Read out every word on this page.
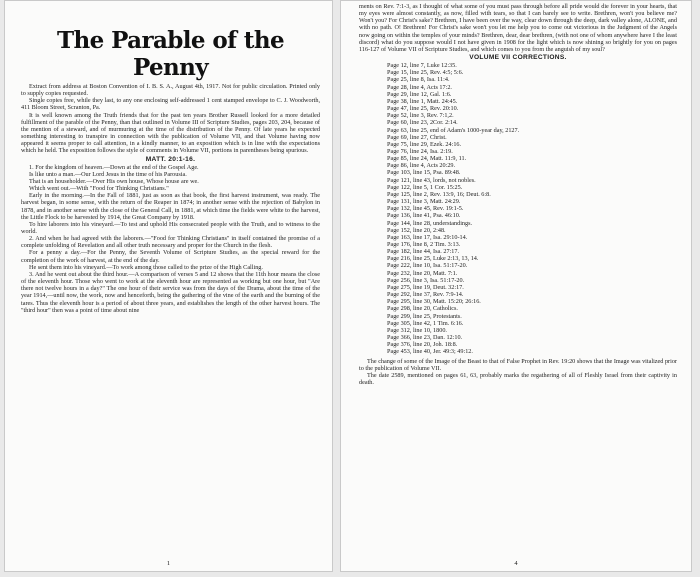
The Parable of the Penny

Extract from address at Boston Convention of I. B. S. A., August 4th, 1917. Not for public circulation. Printed only to supply copies requested.

Single copies free, while they last, to any one enclosing self-addressed 1 cent stamped envelope to C. J. Woodworth, 411 Bloom Street, Scranton, Pa.

It is well known among the Truth friends that for the past ten years Brother Russell looked for a more detailed fulfillment of the parable of the Penny, than that outlined in Volume III of Scripture Studies, pages 203, 204, because of the mention of a steward, and of murmuring at the time of the distribution of the Penny. Of late years he expected something interesting to transpire in connection with the publication of Volume VII, and that Volume having now appeared it seems proper to call attention, in a kindly manner, to an exposition which is in line with the expectations which he held. The exposition follows the style of comments in Volume VII, portions in parentheses being spurious.

MATT. 20:1-16.

1. For the kingdom of heaven.—Down at the end of the Gospel Age.

Is like unto a man.—Our Lord Jesus in the time of his Parousia.

That is an householder.—Over His own house, Whose house are we.

Which went out.—With "Food for Thinking Christians."

Early in the morning.—In the Fall of 1881, just as soon as that book, the first harvest instrument, was ready. The harvest began, in some sense, with the return of the Reaper in 1874; in another sense with the rejection of Babylon in 1878, and in another sense with the close of the General Call, in 1881, at which time the fields were white to the harvest, the Little Flock to be harvested by 1914, the Great Company by 1918.

To hire laborers into his vineyard.—To test and uphold His consecrated people with the Truth, and to witness to the world.

2. And when he had agreed with the laborers.—"Food for Thinking Christians" in itself contained the promise of a complete unfolding of Revelation and all other truth necessary and proper for the Church in the flesh.

For a penny a day.—For the Penny, the Seventh Volume of Scripture Studies, as the special reward for the completion of the work of harvest, at the end of the day.

He sent them into his vineyard.—To work among those called to the prize of the High Calling.

3. And he went out about the third hour.—A comparison of verses 5 and 12 shows that the 11th hour means the close of the eleventh hour. Those who went to work at the eleventh hour are represented as working but one hour, but "Are there not twelve hours in a day?" The one hour of their service was from the days of the Drama, about the time of the year 1914,—until now, the work, now and henceforth, being the gathering of the vine of the earth and the burning of the tares. Thus the eleventh hour is a period of about three years, and establishes the length of the other harvest hours. The "third hour" then was a point of time about nine

1

ments on Rev. 7:1-3, as I thought of what some of you must pass through before all pride would die forever in your hearts, that my eyes were almost constantly, as now, filled with tears, so that I can barely see to write. Brethren, won't you believe me? Won't you? For Christ's sake? Brethren, I have been over the way, clear down through the deep, dark valley alone, ALONE, and with no path. O! Brethren! For Christ's sake won't you let me help you to come out victorious in the Judgment of the Angels now going on within the temples of your minds? Brethren, dear, dear brethren, (with not one of whom anywhere have I the least discord) what do you suppose would I not have given in 1908 for the light which is now shining so brightly for you on pages 116-127 of Volume VII of Scripture Studies, and which comes to you from the anguish of my soul?

VOLUME VII CORRECTIONS.
Page 12, line 7, Luke 12:35.
Page 15, line 25, Rev. 4:5; 5:6.
Page 25, line 8, Isa. 11:4.
Page 28, line 4, Acts 17:2.
Page 29, line 12, Gal. 1:6.
Page 38, line 1, Matt. 24:45.
Page 47, line 25, Rev. 20:10.
Page 52, line 3, Rev. 7:1,2.
Page 60, line 23, 2Cor. 2:14.
Page 63, line 25, end of Adam's 1000-year day, 2127.
Page 69, line 27, Christ.
Page 75, line 29, Ezek. 24:16.
Page 76, line 24, Isa. 2:19.
Page 85, line 24, Matt. 11:9, 11.
Page 86, line 4, Acts 20:29.
Page 103, line 15, Psa. 89:48.
Page 121, line 43, lords, not nobles.
Page 122, line 5, 1 Cor. 15:25.
Page 125, line 2, Rev. 13:9, 16; Deut. 6:8.
Page 131, line 3, Matt. 24:29.
Page 132, line 45, Rev. 19:1-5.
Page 136, line 41, Psa. 46:10.
Page 144, line 28, understandings.
Page 152, line 20, 2:48.
Page 163, line 17, Isa. 29:10-14.
Page 176, line 8, 2 Tim. 3:13.
Page 182, line 44, Isa. 27:17.
Page 216, line 25, Luke 2:13, 13, 14.
Page 222, line 10, Isa. 51:17-20.
Page 232, line 20, Matt. 7:1.
Page 256, line 3, Isa. 51:17-20.
Page 275, line 19, Deut. 32:17.
Page 292, line 37, Rev. 7:9-14.
Page 295, line 30, Matt. 15:20; 26:16.
Page 298, line 20, Catholics.
Page 299, line 25, Protestants.
Page 305, line 42, 1 Tim. 6:16.
Page 312, line 10, 1800.
Page 366, line 23, Dan. 12:10.
Page 376, line 20, Joh. 18:8.
Page 453, line 40, Jer. 49:3; 49:12.

The change of some of the Image of the Beast to that of False Prophet in Rev. 19:20 shows that the Image was vitalized prior to the publication of Volume VII.

The date 2589, mentioned on pages 61, 63, probably marks the regathering of all of Fleshly Israel from their captivity in death.

4
